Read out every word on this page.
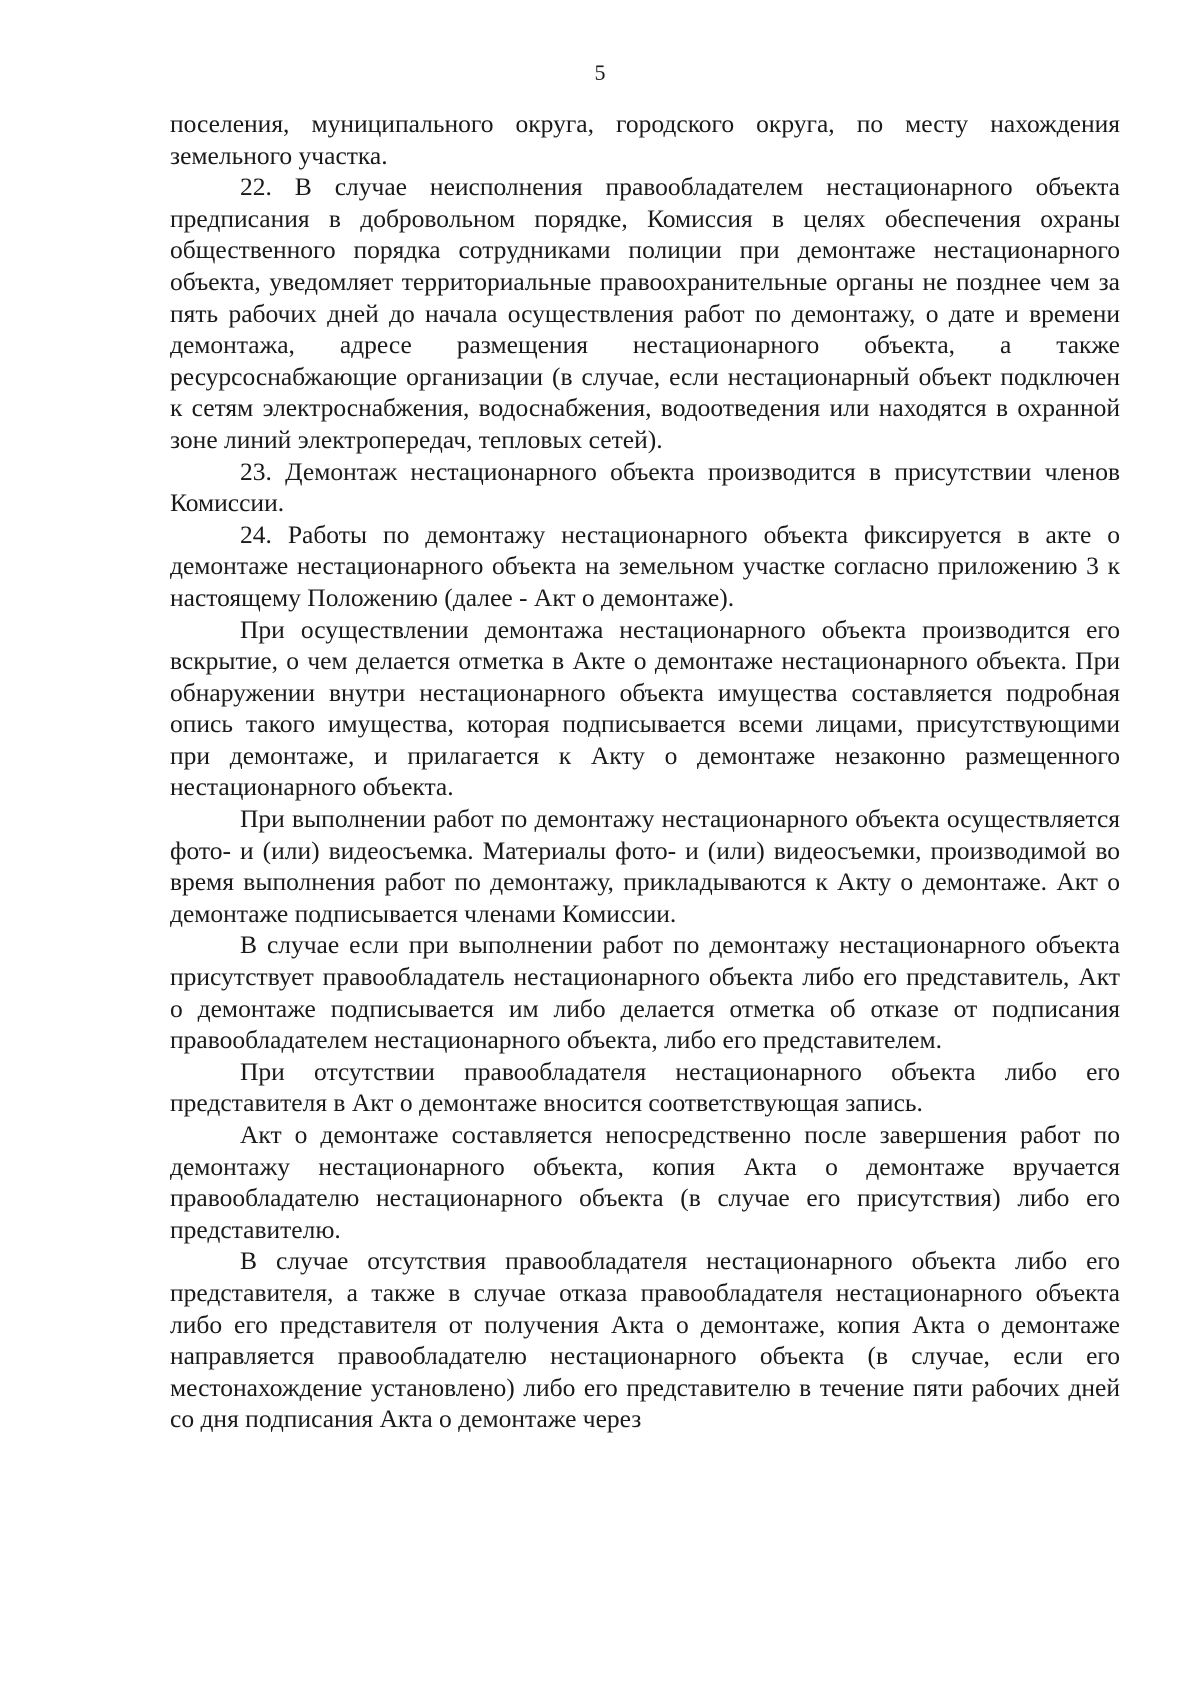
5

поселения, муниципального округа, городского округа, по месту нахождения земельного участка.

22. В случае неисполнения правообладателем нестационарного объекта предписания в добровольном порядке, Комиссия в целях обеспечения охраны общественного порядка сотрудниками полиции при демонтаже нестационарного объекта, уведомляет территориальные правоохранительные органы не позднее чем за пять рабочих дней до начала осуществления работ по демонтажу, о дате и времени демонтажа, адресе размещения нестационарного объекта, а также ресурсоснабжающие организации (в случае, если нестационарный объект подключен к сетям электроснабжения, водоснабжения, водоотведения или находятся в охранной зоне линий электропередач, тепловых сетей).

23. Демонтаж нестационарного объекта производится в присутствии членов Комиссии.

24. Работы по демонтажу нестационарного объекта фиксируется в акте о демонтаже нестационарного объекта на земельном участке согласно приложению 3 к настоящему Положению (далее - Акт о демонтаже).

При осуществлении демонтажа нестационарного объекта производится его вскрытие, о чем делается отметка в Акте о демонтаже нестационарного объекта. При обнаружении внутри нестационарного объекта имущества составляется подробная опись такого имущества, которая подписывается всеми лицами, присутствующими при демонтаже, и прилагается к Акту о демонтаже незаконно размещенного нестационарного объекта.

При выполнении работ по демонтажу нестационарного объекта осуществляется фото- и (или) видеосъемка. Материалы фото- и (или) видеосъемки, производимой во время выполнения работ по демонтажу, прикладываются к Акту о демонтаже. Акт о демонтаже подписывается членами Комиссии.

В случае если при выполнении работ по демонтажу нестационарного объекта присутствует правообладатель нестационарного объекта либо его представитель, Акт о демонтаже подписывается им либо делается отметка об отказе от подписания правообладателем нестационарного объекта, либо его представителем.

При отсутствии правообладателя нестационарного объекта либо его представителя в Акт о демонтаже вносится соответствующая запись.

Акт о демонтаже составляется непосредственно после завершения работ по демонтажу нестационарного объекта, копия Акта о демонтаже вручается правообладателю нестационарного объекта (в случае его присутствия) либо его представителю.

В случае отсутствия правообладателя нестационарного объекта либо его представителя, а также в случае отказа правообладателя нестационарного объекта либо его представителя от получения Акта о демонтаже, копия Акта о демонтаже направляется правообладателю нестационарного объекта (в случае, если его местонахождение установлено) либо его представителю в течение пяти рабочих дней со дня подписания Акта о демонтаже через
